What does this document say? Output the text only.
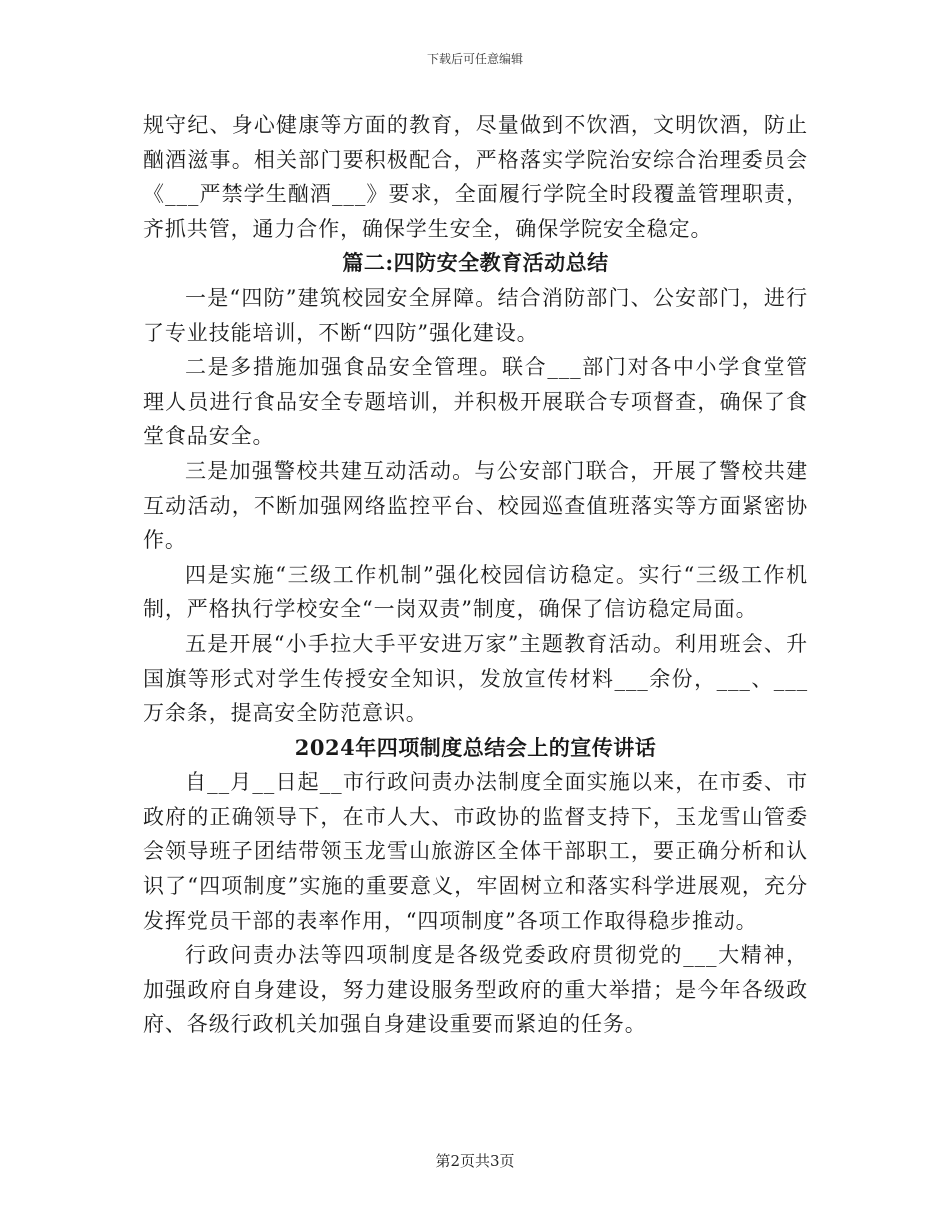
下载后可任意编辑

规守纪、身心健康等方面的教育，尽量做到不饮酒，文明饮酒，防止酗酒滋事。相关部门要积极配合，严格落实学院治安综合治理委员会《___严禁学生酗酒___》要求，全面履行学院全时段覆盖管理职责，齐抓共管，通力合作，确保学生安全，确保学院安全稳定。

篇二:四防安全教育活动总结

一是“四防”建筑校园安全屏障。结合消防部门、公安部门，进行了专业技能培训，不断“四防”强化建设。

二是多措施加强食品安全管理。联合___部门对各中小学食堂管理人员进行食品安全专题培训，并积极开展联合专项督查，确保了食堂食品安全。

三是加强警校共建互动活动。与公安部门联合，开展了警校共建互动活动，不断加强网络监控平台、校园巡查值班落实等方面紧密协作。

四是实施“三级工作机制”强化校园信访稳定。实行“三级工作机制，严格执行学校安全“一岗双责”制度，确保了信访稳定局面。

五是开展“小手拉大手平安进万家”主题教育活动。利用班会、升国旗等形式对学生传授安全知识，发放宣传材料___余份，___、___万余条，提高安全防范意识。

2024年四项制度总结会上的宣传讲话

自__月__日起__市行政问责办法制度全面实施以来，在市委、市政府的正确领导下，在市人大、市政协的监督支持下，玉龙雪山管委会领导班子团结带领玉龙雪山旅游区全体干部职工，要正确分析和认识了“四项制度”实施的重要意义，牢固树立和落实科学进展观，充分发挥党员干部的表率作用，“四项制度”各项工作取得稳步推动。

行政问责办法等四项制度是各级党委政府贯彻党的___大精神，加强政府自身建设，努力建设服务型政府的重大举措；是今年各级政府、各级行政机关加强自身建设重要而紧迫的任务。

第2页共3页
